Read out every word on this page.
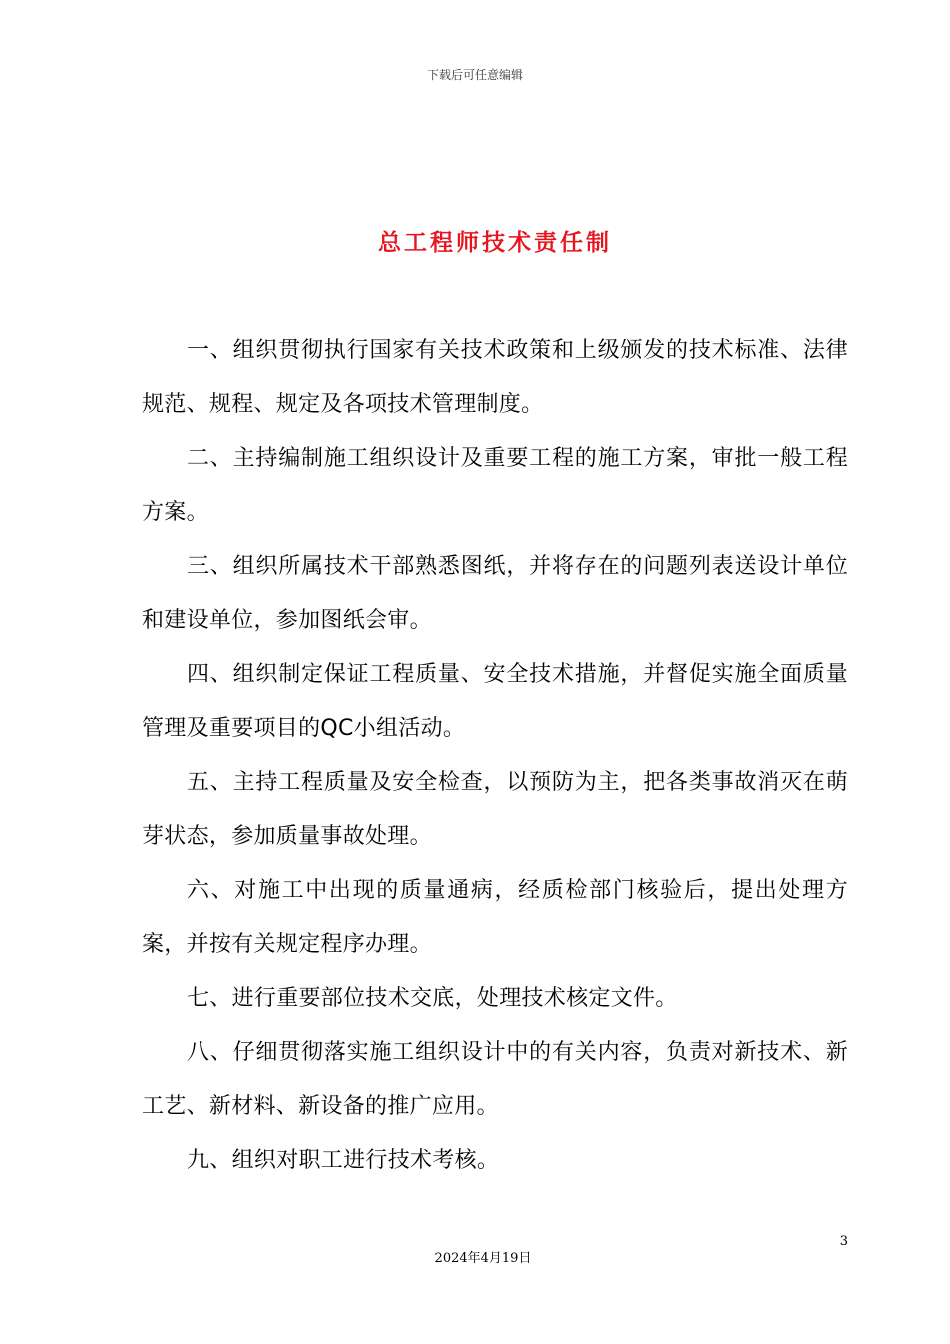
下载后可任意编辑
总工程师技术责任制

一、组织贯彻执行国家有关技术政策和上级颁发的技术标准、法律规范、规程、规定及各项技术管理制度。

二、主持编制施工组织设计及重要工程的施工方案，审批一般工程方案。

三、组织所属技术干部熟悉图纸，并将存在的问题列表送设计单位和建设单位，参加图纸会审。

四、组织制定保证工程质量、安全技术措施，并督促实施全面质量管理及重要项目的QC小组活动。

五、主持工程质量及安全检查，以预防为主，把各类事故消灭在萌芽状态，参加质量事故处理。

六、对施工中出现的质量通病，经质检部门核验后，提出处理方案，并按有关规定程序办理。

七、进行重要部位技术交底，处理技术核定文件。

八、仔细贯彻落实施工组织设计中的有关内容，负责对新技术、新工艺、新材料、新设备的推广应用。

九、组织对职工进行技术考核。

3
2024年4月19日
